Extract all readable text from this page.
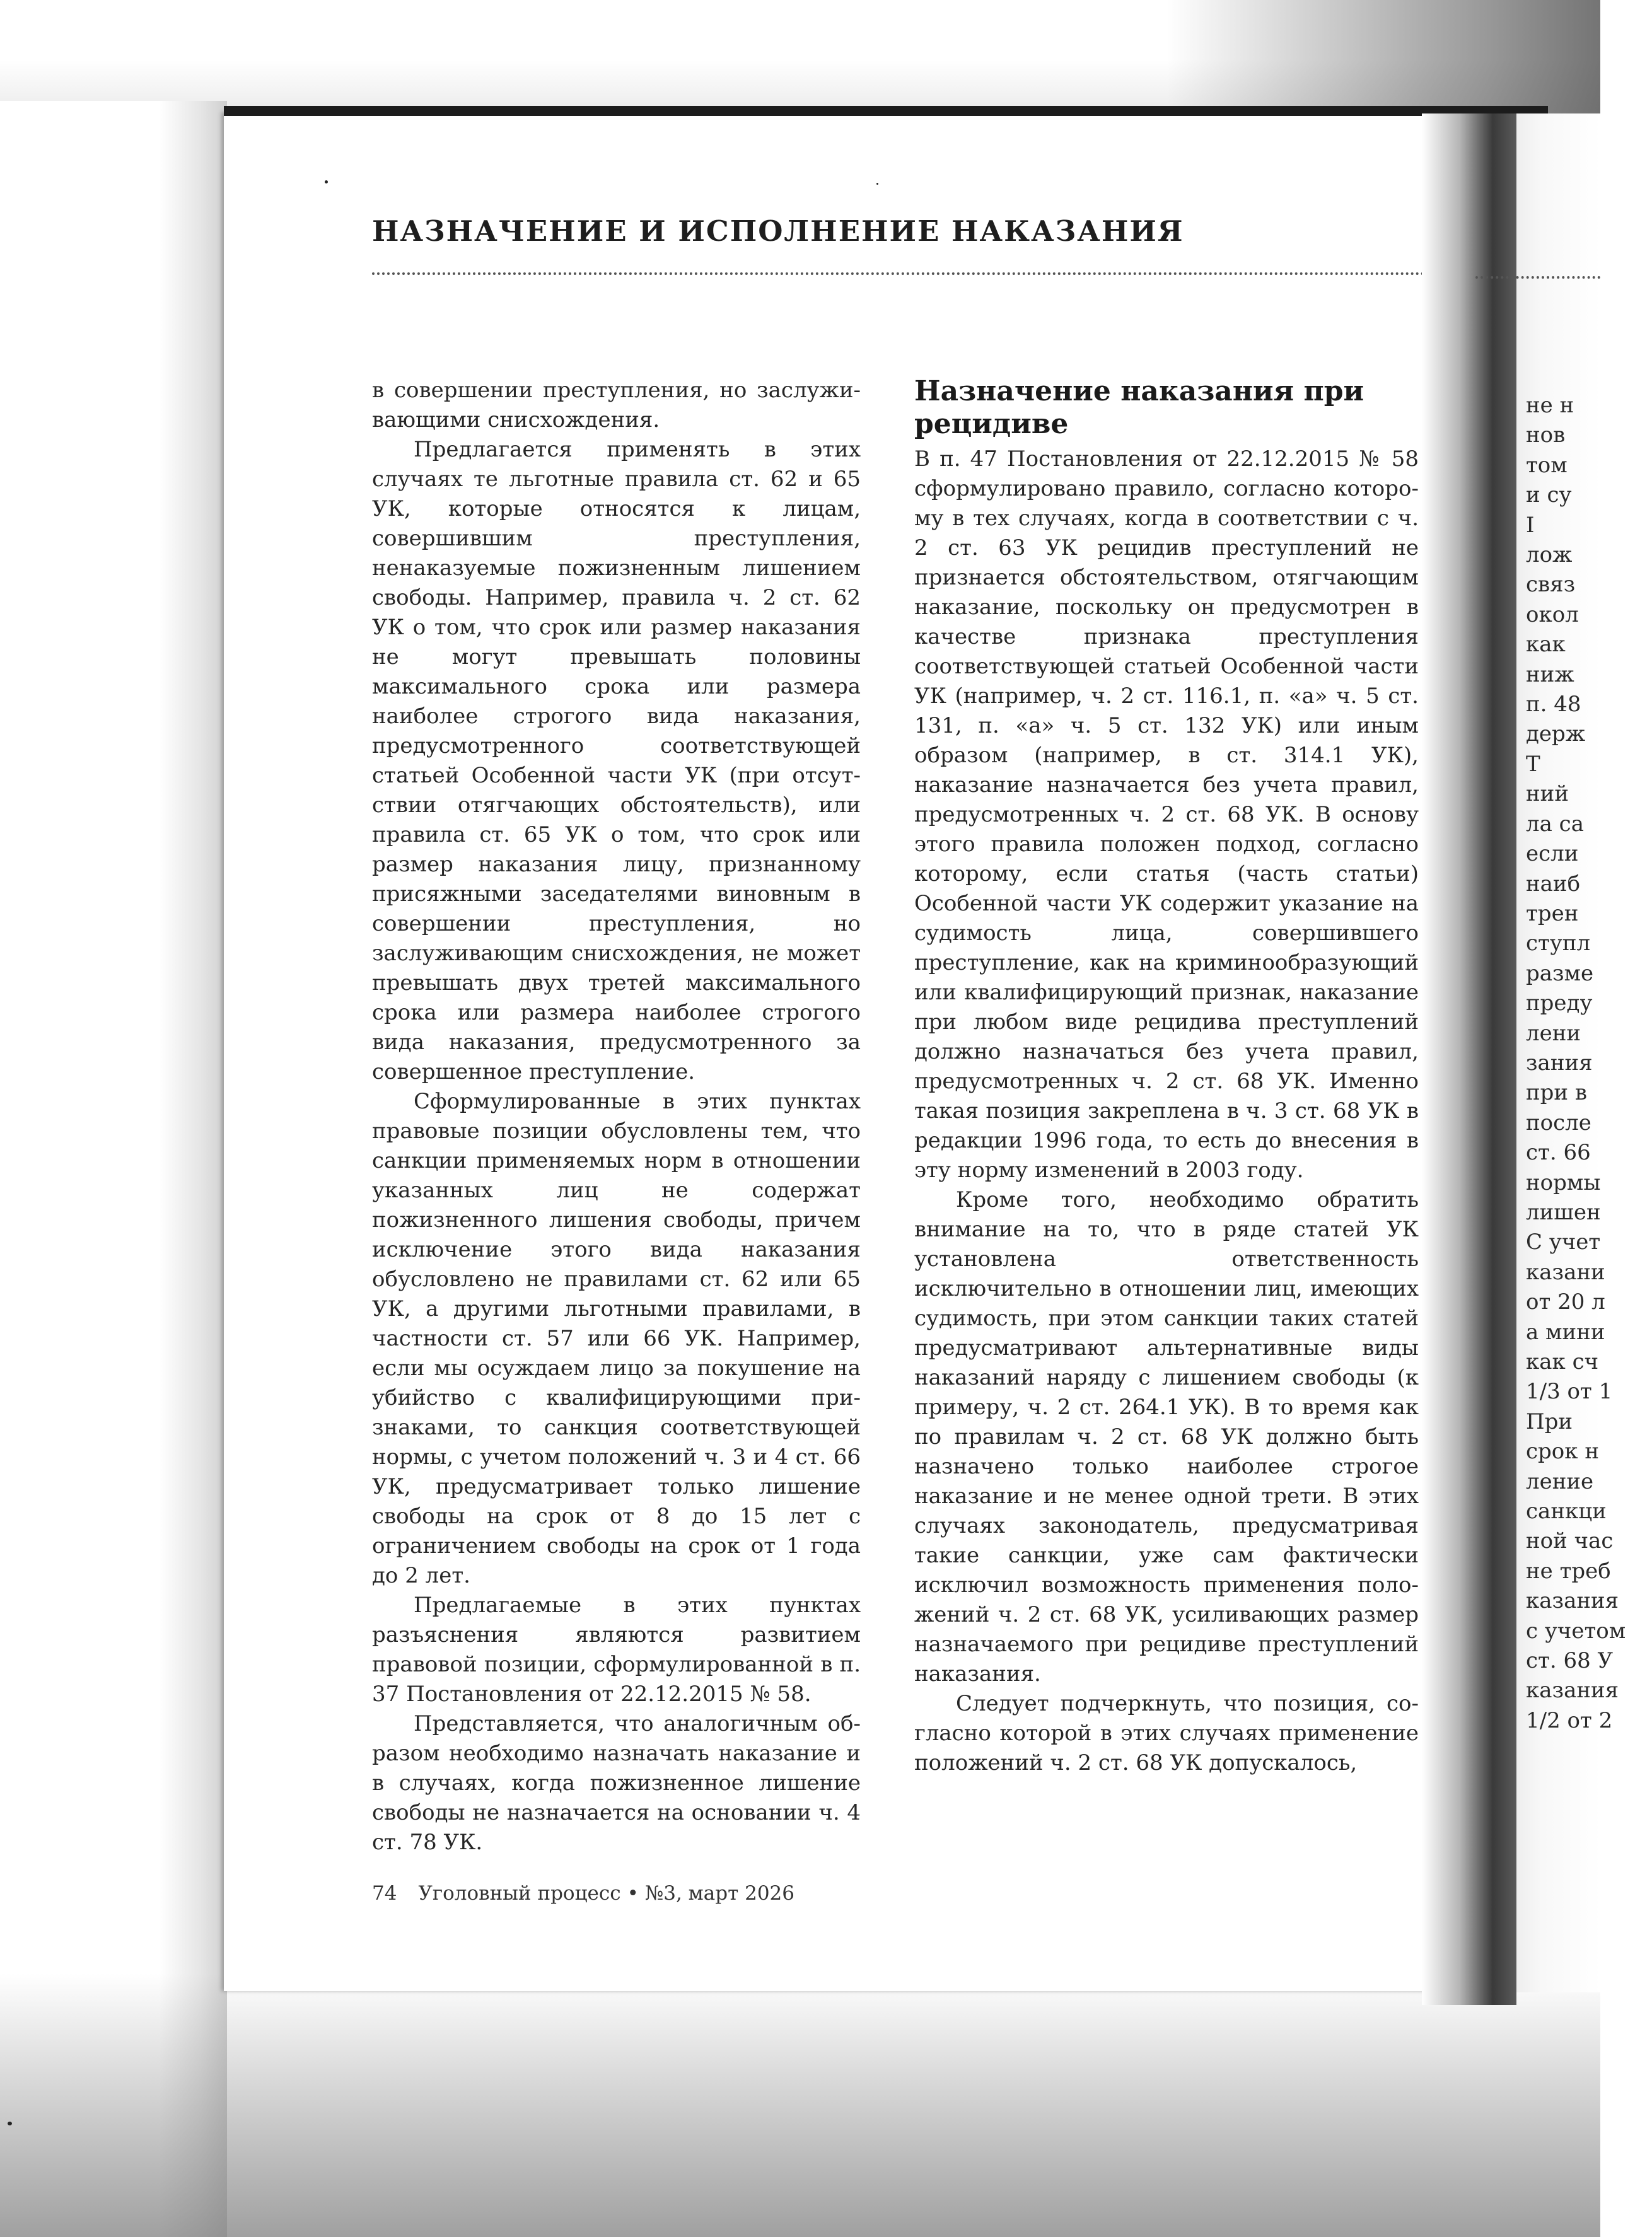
НАЗНАЧЕНИЕ И ИСПОЛНЕНИЕ НАКАЗАНИЯ

в совершении преступления, но заслуживающими снисхождения.

Предлагается применять в этих случаях те льготные правила ст. 62 и 65 УК, которые относятся к лицам, совершившим преступления, ненаказуемые пожизненным лишением свободы. Например, правила ч. 2 ст. 62 УК о том, что срок или размер наказания не могут превышать половины максимального срока или размера наиболее строгого вида наказания, предусмотренного соответствующей статьей Особенной части УК (при отсутствии отягчающих обстоятельств), или правила ст. 65 УК о том, что срок или размер наказания лицу, признанному присяжными заседателями виновным в совершении преступления, но заслуживающим снисхождения, не может превышать двух третей максимального срока или размера наиболее строгого вида наказания, предусмотренного за совершенное преступление.

Сформулированные в этих пунктах правовые позиции обусловлены тем, что санкции применяемых норм в отношении указанных лиц не содержат пожизненного лишения свободы, причем исключение этого вида наказания обусловлено не правилами ст. 62 или 65 УК, а другими льготными правилами, в частности ст. 57 или 66 УК. Например, если мы осуждаем лицо за покушение на убийство с квалифицирующими признаками, то санкция соответствующей нормы, с учетом положений ч. 3 и 4 ст. 66 УК, предусматривает только лишение свободы на срок от 8 до 15 лет с ограничением свободы на срок от 1 года до 2 лет.

Предлагаемые в этих пунктах разъяснения являются развитием правовой позиции, сформулированной в п. 37 Постановления от 22.12.2015 № 58.

Представляется, что аналогичным образом необходимо назначать наказание и в случаях, когда пожизненное лишение свободы не назначается на основании ч. 4 ст. 78 УК.

Назначение наказания при рецидиве

В п. 47 Постановления от 22.12.2015 № 58 сформулировано правило, согласно которому в тех случаях, когда в соответствии с ч. 2 ст. 63 УК рецидив преступлений не признается обстоятельством, отягчающим наказание, поскольку он предусмотрен в качестве признака преступления соответствующей статьей Особенной части УК (например, ч. 2 ст. 116.1, п. «а» ч. 5 ст. 131, п. «а» ч. 5 ст. 132 УК) или иным образом (например, в ст. 314.1 УК), наказание назначается без учета правил, предусмотренных ч. 2 ст. 68 УК. В основу этого правила положен подход, согласно которому, если статья (часть статьи) Особенной части УК содержит указание на судимость лица, совершившего преступление, как на криминообразующий или квалифицирующий признак, наказание при любом виде рецидива преступлений должно назначаться без учета правил, предусмотренных ч. 2 ст. 68 УК. Именно такая позиция закреплена в ч. 3 ст. 68 УК в редакции 1996 года, то есть до внесения в эту норму изменений в 2003 году.

Кроме того, необходимо обратить внимание на то, что в ряде статей УК установлена ответственность исключительно в отношении лиц, имеющих судимость, при этом санкции таких статей предусматривают альтернативные виды наказаний наряду с лишением свободы (к примеру, ч. 2 ст. 264.1 УК). В то время как по правилам ч. 2 ст. 68 УК должно быть назначено только наиболее строгое наказание и не менее одной трети. В этих случаях законодатель, предусматривая такие санкции, уже сам фактически исключил возможность применения положений ч. 2 ст. 68 УК, усиливающих размер назначаемого при рецидиве преступлений наказания.

Следует подчеркнуть, что позиция, согласно которой в этих случаях применение положений ч. 2 ст. 68 УК допускалось,

74 Уголовный процесс • №3, март 2026
не н
нов
том
и су
I
лож
связ
окол
как
ниж
п. 48
держ
Т
ний
ла са
если
наиб
трен
ступл
разме
преду
лени
зания
при в
после
ст. 66
нормы
лишен
С учет
казани
от 20 л
а мини
как сч
1/3 от 1
При
срок н
ление
санкци
ной час
не треб
казания
с учетом
ст. 68 У
казания
1/2 от 2
